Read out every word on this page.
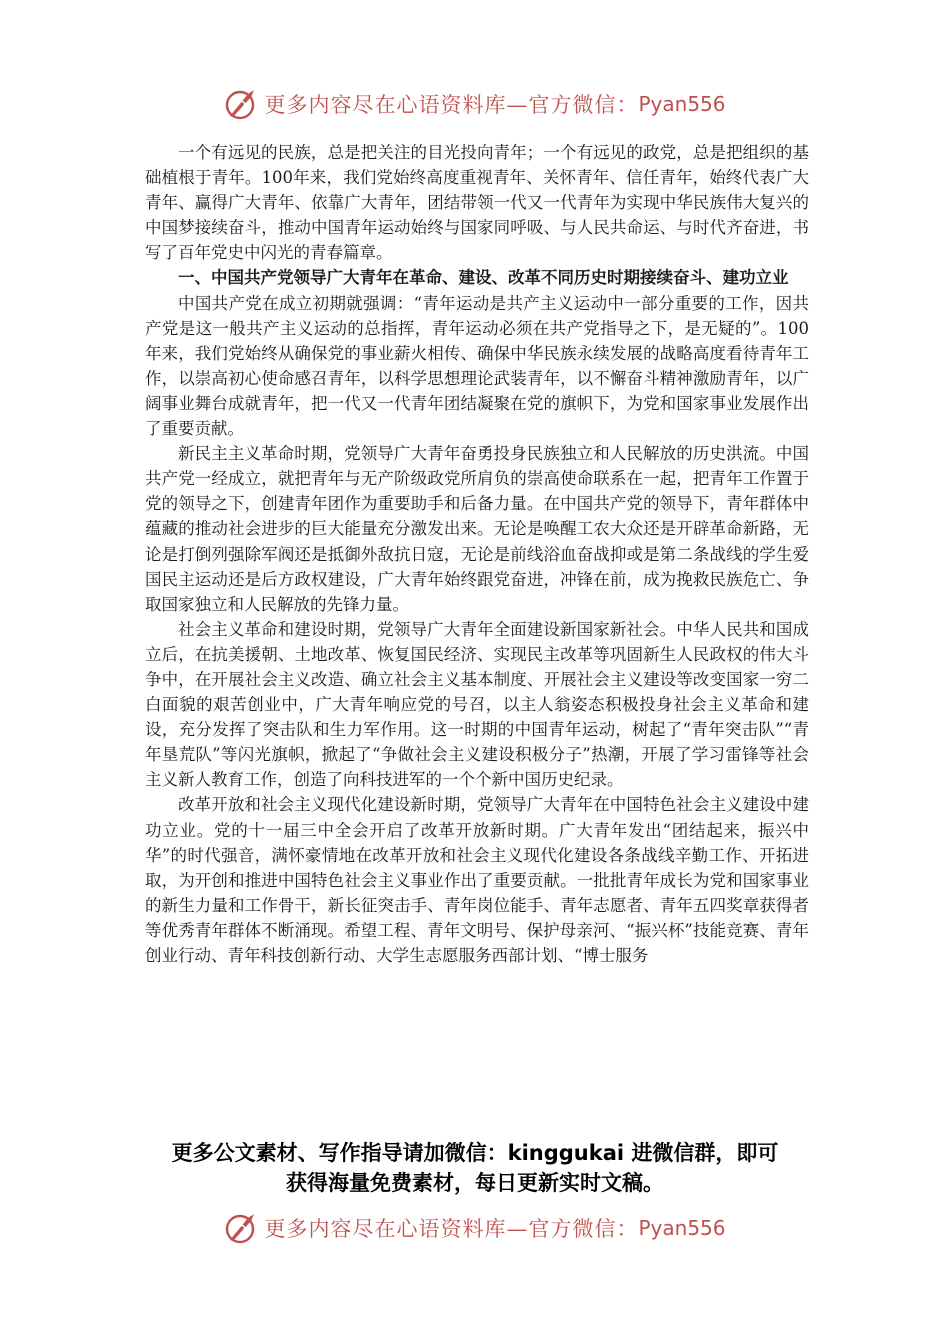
更多内容尽在心语资料库—官方微信： Pyan556

一个有远见的民族，总是把关注的目光投向青年；一个有远见的政党，总是把组织的基础植根于青年。100年来，我们党始终高度重视青年、关怀青年、信任青年，始终代表广大青年、赢得广大青年、依靠广大青年，团结带领一代又一代青年为实现中华民族伟大复兴的中国梦接续奋斗，推动中国青年运动始终与国家同呼吸、与人民共命运、与时代齐奋进，书写了百年党史中闪光的青春篇章。

一、中国共产党领导广大青年在革命、建设、改革不同历史时期接续奋斗、建功立业

中国共产党在成立初期就强调：“青年运动是共产主义运动中一部分重要的工作，因共产党是这一般共产主义运动的总指挥，青年运动必须在共产党指导之下，是无疑的”。100年来，我们党始终从确保党的事业薪火相传、确保中华民族永续发展的战略高度看待青年工作，以崇高初心使命感召青年，以科学思想理论武装青年，以不懈奋斗精神激励青年，以广阔事业舞台成就青年，把一代又一代青年团结凝聚在党的旗帜下，为党和国家事业发展作出了重要贡献。

新民主主义革命时期，党领导广大青年奋勇投身民族独立和人民解放的历史洪流。中国共产党一经成立，就把青年与无产阶级政党所肩负的崇高使命联系在一起，把青年工作置于党的领导之下，创建青年团作为重要助手和后备力量。在中国共产党的领导下，青年群体中蕴藏的推动社会进步的巨大能量充分激发出来。无论是唤醒工农大众还是开辟革命新路，无论是打倒列强除军阀还是抵御外敌抗日寇，无论是前线浴血奋战抑或是第二条战线的学生爱国民主运动还是后方政权建设，广大青年始终跟党奋进，冲锋在前，成为挽救民族危亡、争取国家独立和人民解放的先锋力量。

社会主义革命和建设时期，党领导广大青年全面建设新国家新社会。中华人民共和国成立后，在抗美援朝、土地改革、恢复国民经济、实现民主改革等巩固新生人民政权的伟大斗争中，在开展社会主义改造、确立社会主义基本制度、开展社会主义建设等改变国家一穷二白面貌的艰苦创业中，广大青年响应党的号召，以主人翁姿态积极投身社会主义革命和建设，充分发挥了突击队和生力军作用。这一时期的中国青年运动，树起了“青年突击队”“青年垦荒队”等闪光旗帜，掀起了“争做社会主义建设积极分子”热潮，开展了学习雷锋等社会主义新人教育工作，创造了向科技进军的一个个新中国历史纪录。

改革开放和社会主义现代化建设新时期，党领导广大青年在中国特色社会主义建设中建功立业。党的十一届三中全会开启了改革开放新时期。广大青年发出“团结起来，振兴中华”的时代强音，满怀豪情地在改革开放和社会主义现代化建设各条战线辛勤工作、开拓进取，为开创和推进中国特色社会主义事业作出了重要贡献。一批批青年成长为党和国家事业的新生力量和工作骨干，新长征突击手、青年岗位能手、青年志愿者、青年五四奖章获得者等优秀青年群体不断涌现。希望工程、青年文明号、保护母亲河、“振兴杯”技能竞赛、青年创业行动、青年科技创新行动、大学生志愿服务西部计划、“博士服务

更多公文素材、写作指导请加微信：kinggukai 进微信群，即可
获得海量免费素材，每日更新实时文稿。
更多内容尽在心语资料库—官方微信： Pyan556
